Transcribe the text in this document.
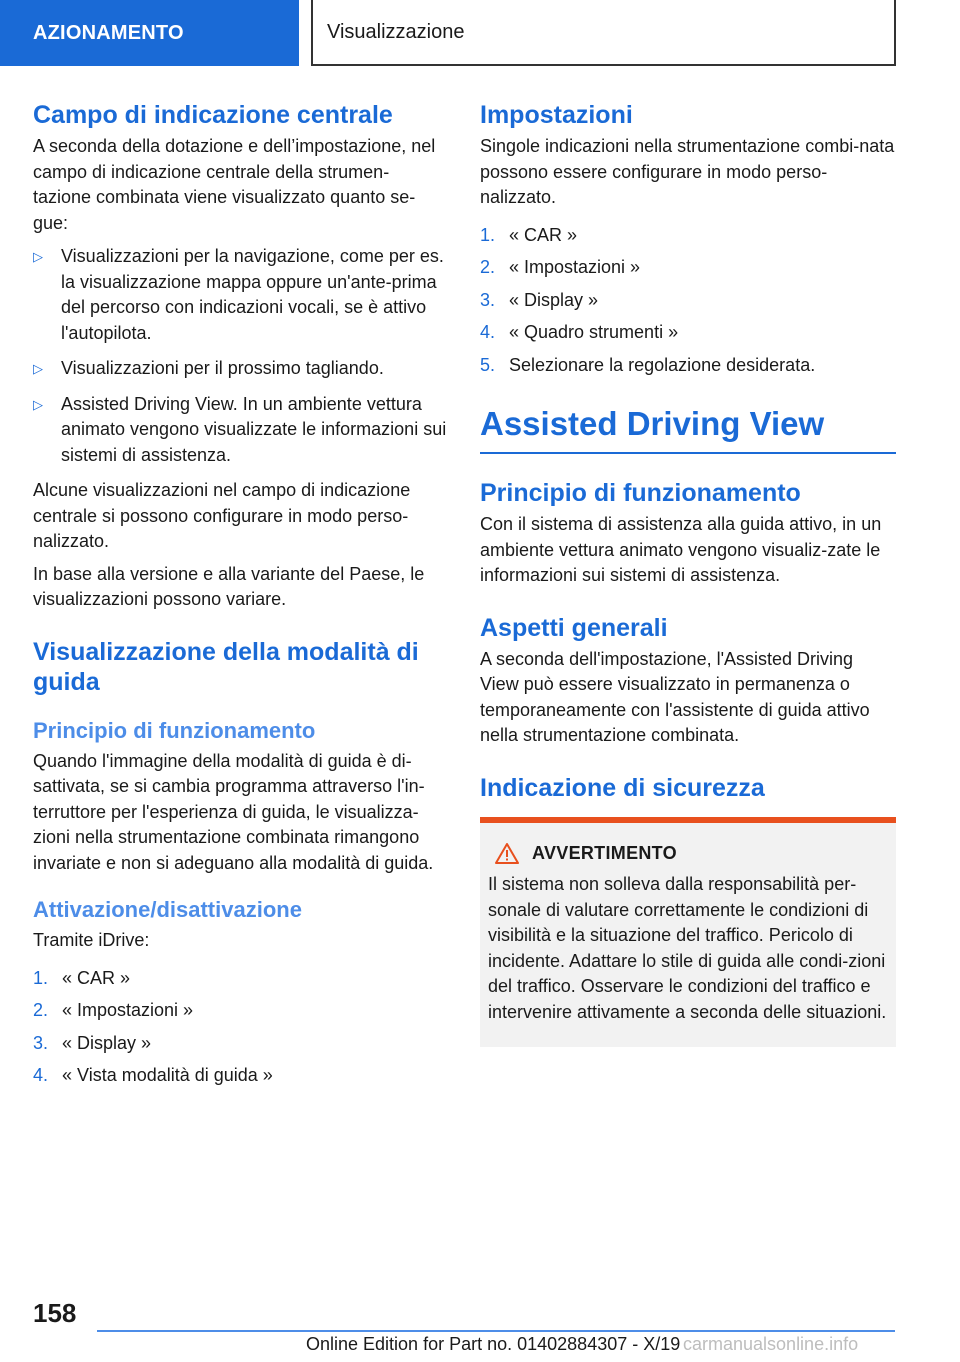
AZIONAMENTO	Visualizzazione
Campo di indicazione centrale

A seconda della dotazione e dell’impostazione, nel campo di indicazione centrale della strumen-tazione combinata viene visualizzato quanto se-gue:

▷ Visualizzazioni per la navigazione, come per es. la visualizzazione mappa oppure un'ante-prima del percorso con indicazioni vocali, se è attivo l'autopilota.
▷ Visualizzazioni per il prossimo tagliando.
▷ Assisted Driving View. In un ambiente vettura animato vengono visualizzate le informazioni sui sistemi di assistenza.

Alcune visualizzazioni nel campo di indicazione centrale si possono configurare in modo perso-nalizzato.

In base alla versione e alla variante del Paese, le visualizzazioni possono variare.

Visualizzazione della modalità di guida
Principio di funzionamento

Quando l'immagine della modalità di guida è di-sattivata, se si cambia programma attraverso l'in-terruttore per l'esperienza di guida, le visualizza-zioni nella strumentazione combinata rimangono invariate e non si adeguano alla modalità di guida.

Attivazione/disattivazione

Tramite iDrive:

1. « CAR »
2. « Impostazioni »
3. « Display »
4. « Vista modalità di guida »
Impostazioni

Singole indicazioni nella strumentazione combi-nata possono essere configurare in modo perso-nalizzato.

1. « CAR »
2. « Impostazioni »
3. « Display »
4. « Quadro strumenti »
5. Selezionare la regolazione desiderata.
Assisted Driving View
Principio di funzionamento

Con il sistema di assistenza alla guida attivo, in un ambiente vettura animato vengono visualiz-zate le informazioni sui sistemi di assistenza.

Aspetti generali

A seconda dell'impostazione, l'Assisted Driving View può essere visualizzato in permanenza o temporaneamente con l'assistente di guida attivo nella strumentazione combinata.

Indicazione di sicurezza
AVVERTIMENTO
Il sistema non solleva dalla responsabilità per-sonale di valutare correttamente le condizioni di visibilità e la situazione del traffico. Pericolo di incidente. Adattare lo stile di guida alle condi-zioni del traffico. Osservare le condizioni del traffico e intervenire attivamente a seconda delle situazioni.
158
Online Edition for Part no. 01402884307 - X/19 carmanualsonline.info
